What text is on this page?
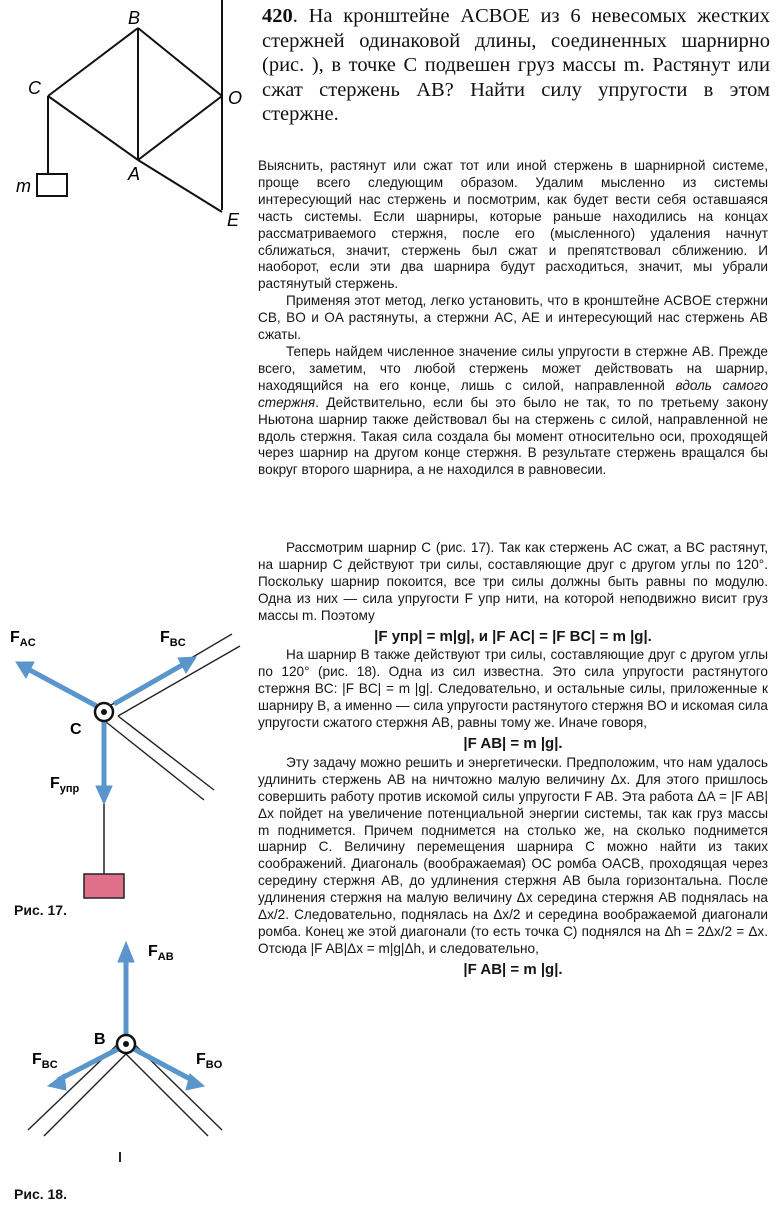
420. На кронштейне ACBOE из 6 невесомых жестких стержней одинаковой длины, соединенных шарнирно (рис. ), в точке C подвешен груз массы m. Растянут или сжат стержень AB? Найти силу упругости в этом стержне.
B
C	O
A
E
m
C
$F_{AC}$	$F_{BC}$
$F_{упр}$
Рис. 17.
B
$F_{AB}$
$F_{BC}$	$F_{BO}$
Рис. 18.

Выяснить, растянут или сжат тот или иной стержень в шарнирной системе, проще всего следующим образом. Удалим мысленно из системы интересующий нас стержень и посмотрим, как будет вести себя оставшаяся часть системы. Если шарниры, которые раньше находились на концах рассматриваемого стержня, после его (мысленного) удаления начнут сближаться, значит, стержень был сжат и препятствовал сближению. И наоборот, если эти два шарнира будут расходиться, значит, мы убрали растянутый стержень.

Применяя этот метод, легко установить, что в кронштейне ACBOE стержни CB, BO и OA растянуты, а стержни AC, AE и интересующий нас стержень AB сжаты.

Теперь найдем численное значение силы упругости в стержне AB. Прежде всего, заметим, что любой стержень может действовать на шарнир, находящийся на его конце, лишь с силой, направленной вдоль самого стержня. Действительно, если бы это было не так, то по третьему закону Ньютона шарнир также действовал бы на стержень с силой, направленной не вдоль стержня. Такая сила создала бы момент относительно оси, проходящей через шарнир на другом конце стержня. В результате стержень вращался бы вокруг второго шарнира, а не находился в равновесии.

Рассмотрим шарнир C (рис. 17). Так как стержень AC сжат, а BC растянут, на шарнир C действуют три силы, составляющие друг с другом углы по 120°. Поскольку шарнир покоится, все три силы должны быть равны по модулю. Одна из них — сила упругости F упр нити, на которой неподвижно висит груз массы m. Поэтому

|F упр| = m|g|, и |F AC| = |F BC| = m |g|.

На шарнир B также действуют три силы, составляющие друг с другом углы по 120° (рис. 18). Одна из сил известна. Это сила упругости растянутого стержня BC: |F BC| = m |g|. Следовательно, и остальные силы, приложенные к шарниру B, а именно — сила упругости растянутого стержня BO и искомая сила упругости сжатого стержня AB, равны тому же. Иначе говоря,

|F AB| = m |g|.

Эту задачу можно решить и энергетически. Предположим, что нам удалось удлинить стержень AB на ничтожно малую величину Δx. Для этого пришлось совершить работу против искомой силы упругости F AB. Эта работа ΔA = |F AB|Δx пойдет на увеличение потенциальной энергии системы, так как груз массы m поднимется. Причем поднимется на столько же, на сколько поднимется шарнир C. Величину перемещения шарнира C можно найти из таких соображений. Диагональ (воображаемая) OC ромба OACB, проходящая через середину стержня AB, до удлинения стержня AB была горизонтальна. После удлинения стержня на малую величину Δx середина стержня AB поднялась на Δx/2. Следовательно, поднялась на Δx/2 и середина воображаемой диагонали ромба. Конец же этой диагонали (то есть точка C) поднялся на Δh = 2Δx/2 = Δx. Отсюда |F AB|Δx = m|g|Δh, и следовательно,

|F AB| = m |g|.
